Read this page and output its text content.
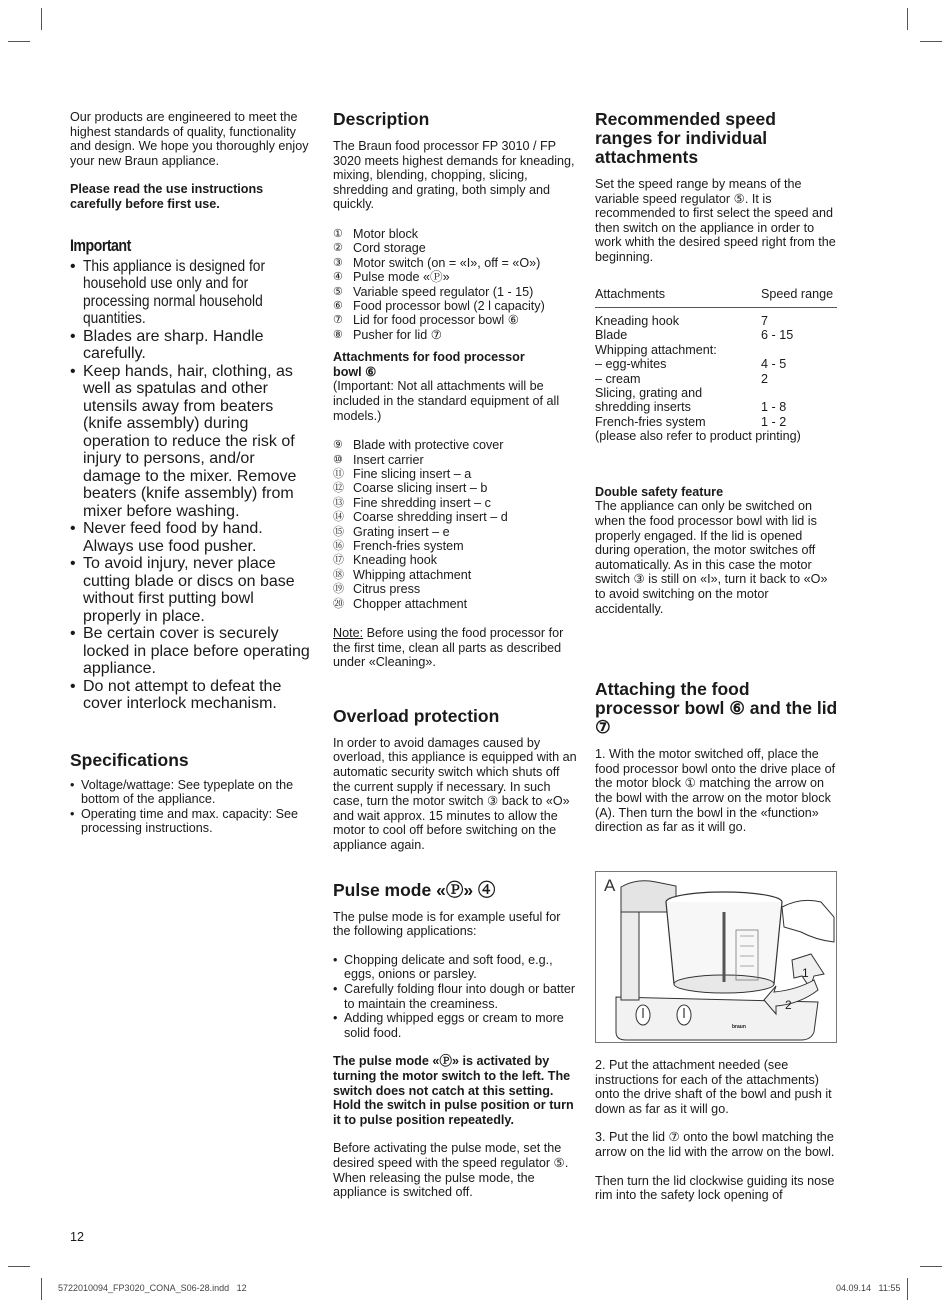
Our products are engineered to meet the highest standards of quality, functionality and design. We hope you thoroughly enjoy your new Braun appliance.

Please read the use instructions carefully before first use.

Important
• This appliance is designed for household use only and for processing normal household quantities.
• Blades are sharp. Handle carefully.
• Keep hands, hair, clothing, as well as spatulas and other utensils away from beaters (knife assembly) during operation to reduce the risk of injury to persons, and/or damage to the mixer. Remove beaters (knife assembly) from mixer before washing.
• Never feed food by hand. Always use food pusher.
• To avoid injury, never place cutting blade or discs on base without first putting bowl properly in place.
• Be certain cover is securely locked in place before operating appliance.
• Do not attempt to defeat the cover interlock mechanism.
Specifications
• Voltage/wattage: See typeplate on the bottom of the appliance.
• Operating time and max. capacity: See processing instructions.
Description

The Braun food processor FP 3010 / FP 3020 meets highest demands for kneading, mixing, blending, chopping, slicing, shredding and grating, both simply and quickly.

① Motor block
② Cord storage
③ Motor switch (on = «I», off = «O»)
④ Pulse mode «Ⓟ»
⑤ Variable speed regulator (1 - 15)
⑥ Food processor bowl (2 l capacity)
⑦ Lid for food processor bowl ⑥
⑧ Pusher for lid ⑦

Attachments for food processor bowl ⑥

(Important: Not all attachments will be included in the standard equipment of all models.)

⑨ Blade with protective cover
⑩ Insert carrier
⑪ Fine slicing insert – a
⑫ Coarse slicing insert – b
⑬ Fine shredding insert – c
⑭ Coarse shredding insert – d
⑮ Grating insert – e
⑯ French-fries system
⑰ Kneading hook
⑱ Whipping attachment
⑲ Citrus press
⑳ Chopper attachment

Note: Before using the food processor for the first time, clean all parts as described under «Cleaning».

Overload protection

In order to avoid damages caused by overload, this appliance is equipped with an automatic security switch which shuts off the current supply if necessary. In such case, turn the motor switch ③ back to «O» and wait approx. 15 minutes to allow the motor to cool off before switching on the appliance again.

Pulse mode «Ⓟ» ④

The pulse mode is for example useful for the following applications:

• Chopping delicate and soft food, e.g., eggs, onions or parsley.
• Carefully folding flour into dough or batter to maintain the creaminess.
• Adding whipped eggs or cream to more solid food.

The pulse mode «Ⓟ» is activated by turning the motor switch to the left. The switch does not catch at this setting. Hold the switch in pulse position or turn it to pulse position repeatedly.

Before activating the pulse mode, set the desired speed with the speed regulator ⑤. When releasing the pulse mode, the appliance is switched off.

Recommended speed ranges for individual attachments

Set the speed range by means of the variable speed regulator ⑤. It is recommended to first select the speed and then switch on the appliance in order to work whith the desired speed right from the beginning.

Attachments	Speed range
Kneading hook	7
Blade	6 - 15
Whipping attachment:	
– egg-whites	4 - 5
– cream	2
Slicing, grating and	
shredding inserts	1 - 8
French-fries system	1 - 2

(please also refer to product printing)

Double safety feature

The appliance can only be switched on when the food processor bowl with lid is properly engaged. If the lid is opened during operation, the motor switches off automatically. As in this case the motor switch ③ is still on «I», turn it back to «O» to avoid switching on the motor accidentally.

Attaching the food processor bowl ⑥ and the lid ⑦

1. With the motor switched off, place the food processor bowl onto the drive place of the motor block ① matching the arrow on the bowl with the arrow on the motor block (A). Then turn the bowl in the «function» direction as far as it will go.

A
1
2
braun

2. Put the attachment needed (see instructions for each of the attachments) onto the drive shaft of the bowl and push it down as far as it will go.

3. Put the lid ⑦ onto the bowl matching the arrow on the lid with the arrow on the bowl.

Then turn the lid clockwise guiding its nose rim into the safety lock opening of

12
5722010094_FP3020_CONA_S06-28.indd   12	04.09.14   11:55
